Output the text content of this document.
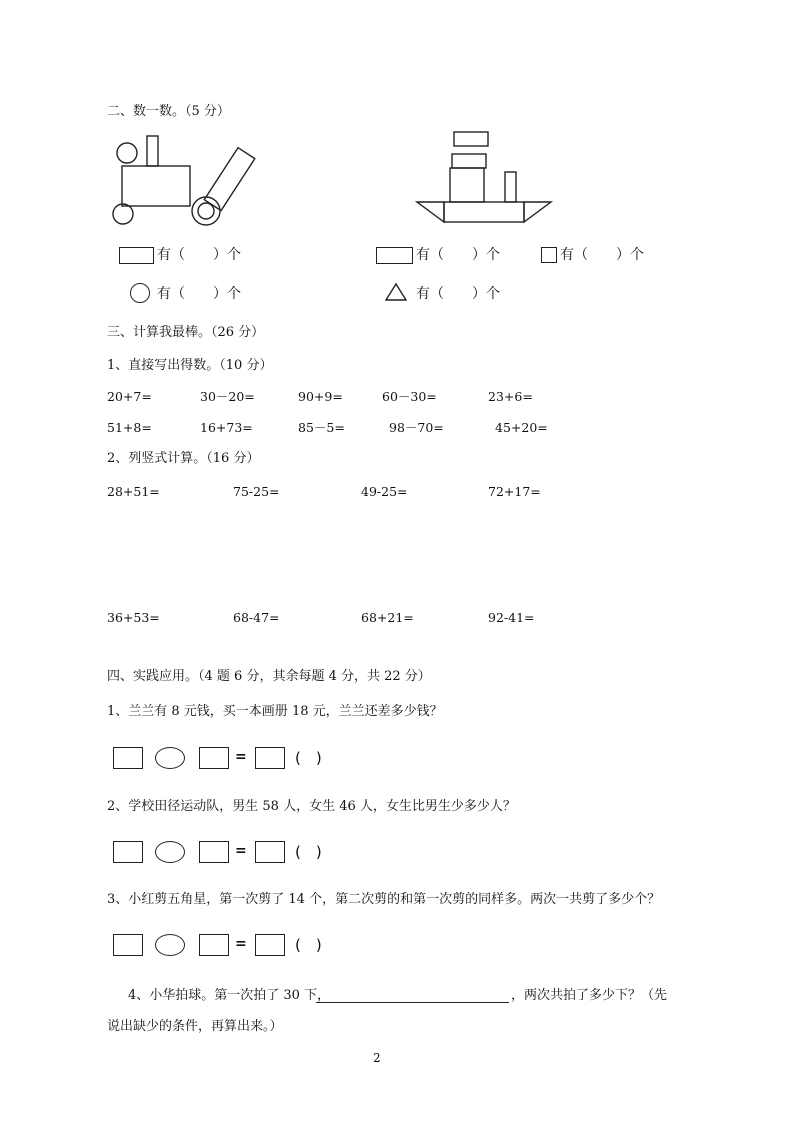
二、数一数。（5 分）
有（　　）个
有（　　）个
有（　　）个	有（　　）个
有（　　）个
三、计算我最棒。（26 分）
1、直接写出得数。（10 分）
20+7=	30－20=	90+9=	60－30=	23+6=
51+8=	16+73=	85－5=	98－70=	45+20=
2、列竖式计算。（16 分）
28+51=	75-25=	49-25=	72+17=
36+53=	68-47=	68+21=	92-41=
四、实践应用。（4 题 6 分，其余每题 4 分，共 22 分）
1、兰兰有 8 元钱，买一本画册 18 元，兰兰还差多少钱？
=	(　)
2、学校田径运动队，男生 58 人，女生 46 人，女生比男生少多少人？
=	(　)
3、小红剪五角星，第一次剪了 14 个，第二次剪的和第一次剪的同样多。两次一共剪了多少个？
=	(　)
4、小华拍球。第一次拍了 30 下，	，两次共拍了多少下？（先
说出缺少的条件，再算出来。）
2
